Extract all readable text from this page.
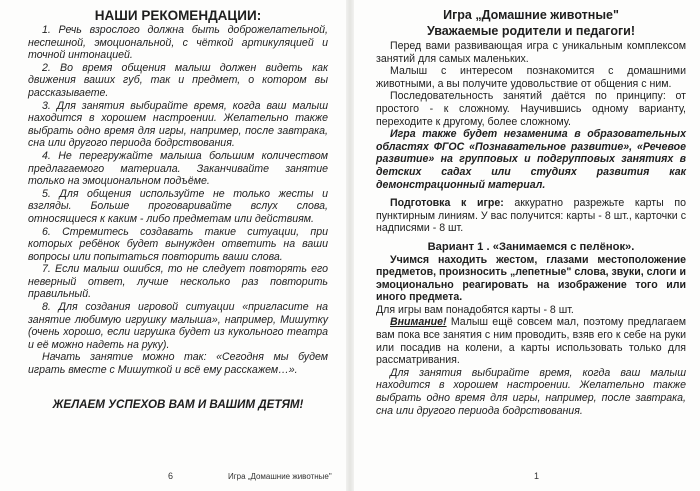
НАШИ РЕКОМЕНДАЦИИ:

1. Речь взрослого должна быть доброжелательной, неспешной, эмоциональной, с чёткой артикуляцией и точной интонацией.

2. Во время общения малыш должен видеть как движения ваших губ, так и предмет, о котором вы рассказываете.

3. Для занятия выбирайте время, когда ваш малыш находится в хорошем настроении. Желательно также выбрать одно время для игры, например, после завтрака, сна или другого периода бодрствования.

4. Не перегружайте малыша большим количеством предлагаемого материала. Заканчивайте занятие только на эмоциональном подъёме.

5. Для общения используйте не только жесты и взгляды. Больше проговаривайте вслух слова, относящиеся к каким - либо предметам или действиям.

6. Стремитесь создавать такие ситуации, при которых ребёнок будет вынужден ответить на ваши вопросы или попытаться повторить ваши слова.

7. Если малыш ошибся, то не следует повторять его неверный ответ, лучше несколько раз повторить правильный.

8. Для создания игровой ситуации «пригласите на занятие любимую игрушку малыша», например, Мишутку (очень хорошо, если игрушка будет из кукольного театра и её можно надеть на руку).

Начать занятие можно так: «Сегодня мы будем играть вместе с Мишуткой и всё ему расскажем…».

ЖЕЛАЕМ УСПЕХОВ ВАМ И ВАШИМ ДЕТЯМ!

6	Игра „Домашние животные"
Игра „Домашние животные"
Уважаемые родители и педагоги!

Перед вами развивающая игра с уникальным комплексом занятий для самых маленьких.

Малыш с интересом познакомится с домашними животными, а вы получите удовольствие от общения с ним.

Последовательность занятий даётся по принципу: от простого - к сложному. Научившись одному варианту, переходите к другому, более сложному.

Игра также будет незаменима в образовательных областях ФГОС «Познавательное развитие», «Речевое развитие» на групповых и подгрупповых занятиях в детских садах или студиях развития как демонстрационный материал.

Подготовка к игре: аккуратно разрежьте карты по пунктирным линиям. У вас получится: карты - 8 шт., карточки с надписями - 8 шт.

Вариант 1 . «Занимаемся с пелёнок».

Учимся находить жестом, глазами местоположение предметов, произносить „лепетные" слова, звуки, слоги и эмоционально реагировать на изображение того или иного предмета.

Для игры вам понадобятся карты - 8 шт.

Внимание! Малыш ещё совсем мал, поэтому предлагаем вам пока все занятия с ним проводить, взяв его к себе на руки или посадив на колени, а карты использовать только для рассматривания.

Для занятия выбирайте время, когда ваш малыш находится в хорошем настроении. Желательно также выбрать одно время для игры, например, после завтрака, сна или другого периода бодрствования.

1
